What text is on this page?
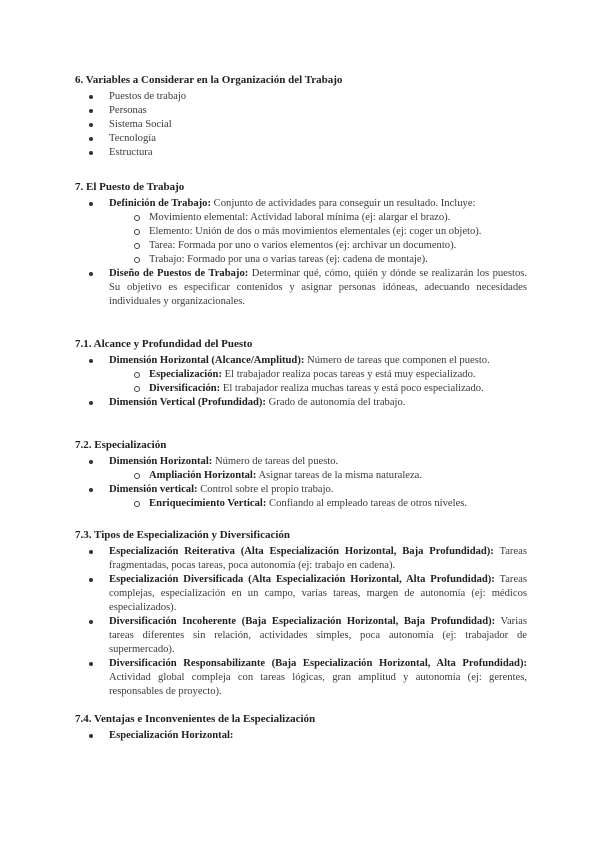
6. Variables a Considerar en la Organización del Trabajo
Puestos de trabajo
Personas
Sistema Social
Tecnología
Estructura
7. El Puesto de Trabajo
Definición de Trabajo: Conjunto de actividades para conseguir un resultado. Incluye:
Movimiento elemental: Actividad laboral mínima (ej: alargar el brazo).
Elemento: Unión de dos o más movimientos elementales (ej: coger un objeto).
Tarea: Formada por uno o varios elementos (ej: archivar un documento).
Trabajo: Formado por una o varias tareas (ej: cadena de montaje).
Diseño de Puestos de Trabajo: Determinar qué, cómo, quién y dónde se realizarán los puestos. Su objetivo es especificar contenidos y asignar personas idóneas, adecuando necesidades individuales y organizacionales.
7.1. Alcance y Profundidad del Puesto
Dimensión Horizontal (Alcance/Amplitud): Número de tareas que componen el puesto.
Especialización: El trabajador realiza pocas tareas y está muy especializado.
Diversificación: El trabajador realiza muchas tareas y está poco especializado.
Dimensión Vertical (Profundidad): Grado de autonomía del trabajo.
7.2. Especialización
Dimensión Horizontal: Número de tareas del puesto.
Ampliación Horizontal: Asignar tareas de la misma naturaleza.
Dimensión vertical: Control sobre el propio trabajo.
Enriquecimiento Vertical: Confiando al empleado tareas de otros niveles.
7.3. Tipos de Especialización y Diversificación
Especialización Reiterativa (Alta Especialización Horizontal, Baja Profundidad): Tareas fragmentadas, pocas tareas, poca autonomía (ej: trabajo en cadena).
Especialización Diversificada (Alta Especialización Horizontal, Alta Profundidad): Tareas complejas, especialización en un campo, varias tareas, margen de autonomía (ej: médicos especializados).
Diversificación Incoherente (Baja Especialización Horizontal, Baja Profundidad): Varias tareas diferentes sin relación, actividades simples, poca autonomía (ej: trabajador de supermercado).
Diversificación Responsabilizante (Baja Especialización Horizontal, Alta Profundidad): Actividad global compleja con tareas lógicas, gran amplitud y autonomía (ej: gerentes, responsables de proyecto).
7.4. Ventajas e Inconvenientes de la Especialización
Especialización Horizontal:
